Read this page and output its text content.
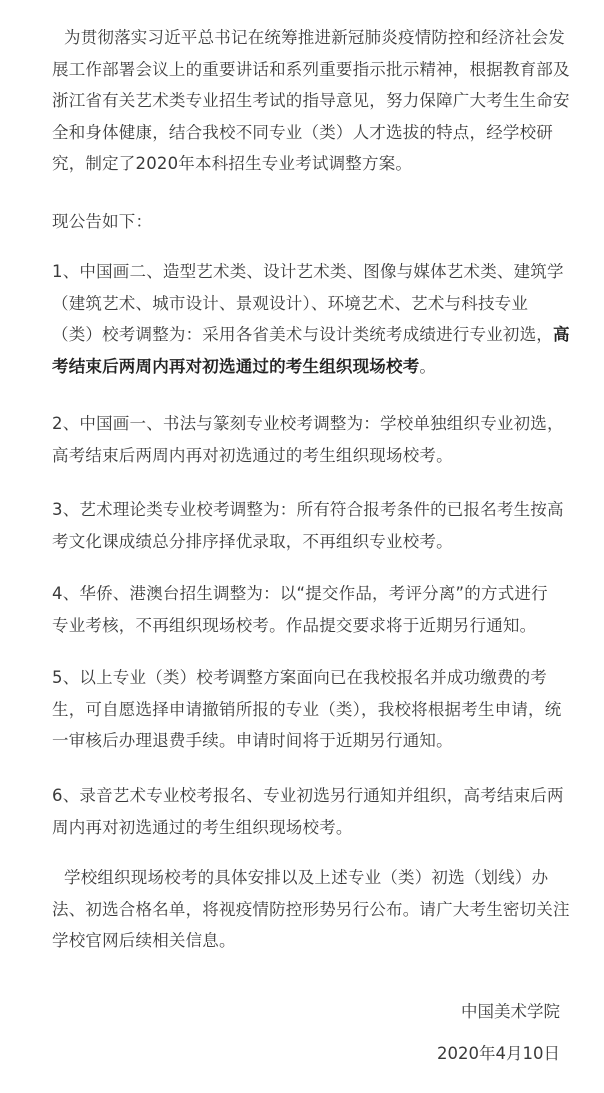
为贯彻落实习近平总书记在统筹推进新冠肺炎疫情防控和经济社会发
展工作部署会议上的重要讲话和系列重要指示批示精神，根据教育部及
浙江省有关艺术类专业招生考试的指导意见，努力保障广大考生生命安
全和身体健康，结合我校不同专业（类）人才选拔的特点，经学校研
究，制定了2020年本科招生专业考试调整方案。

现公告如下：

1、中国画二、造型艺术类、设计艺术类、图像与媒体艺术类、建筑学
（建筑艺术、城市设计、景观设计）、环境艺术、艺术与科技专业
（类）校考调整为：采用各省美术与设计类统考成绩进行专业初选，高
考结束后两周内再对初选通过的考生组织现场校考。

2、中国画一、书法与篆刻专业校考调整为：学校单独组织专业初选，
高考结束后两周内再对初选通过的考生组织现场校考。

3、艺术理论类专业校考调整为：所有符合报考条件的已报名考生按高
考文化课成绩总分排序择优录取，不再组织专业校考。

4、华侨、港澳台招生调整为：以“提交作品，考评分离”的方式进行
专业考核，不再组织现场校考。作品提交要求将于近期另行通知。

5、以上专业（类）校考调整方案面向已在我校报名并成功缴费的考
生，可自愿选择申请撤销所报的专业（类），我校将根据考生申请，统
一审核后办理退费手续。申请时间将于近期另行通知。

6、录音艺术专业校考报名、专业初选另行通知并组织，高考结束后两
周内再对初选通过的考生组织现场校考。

学校组织现场校考的具体安排以及上述专业（类）初选（划线）办
法、初选合格名单，将视疫情防控形势另行公布。请广大考生密切关注
学校官网后续相关信息。

中国美术学院
2020年4月10日
